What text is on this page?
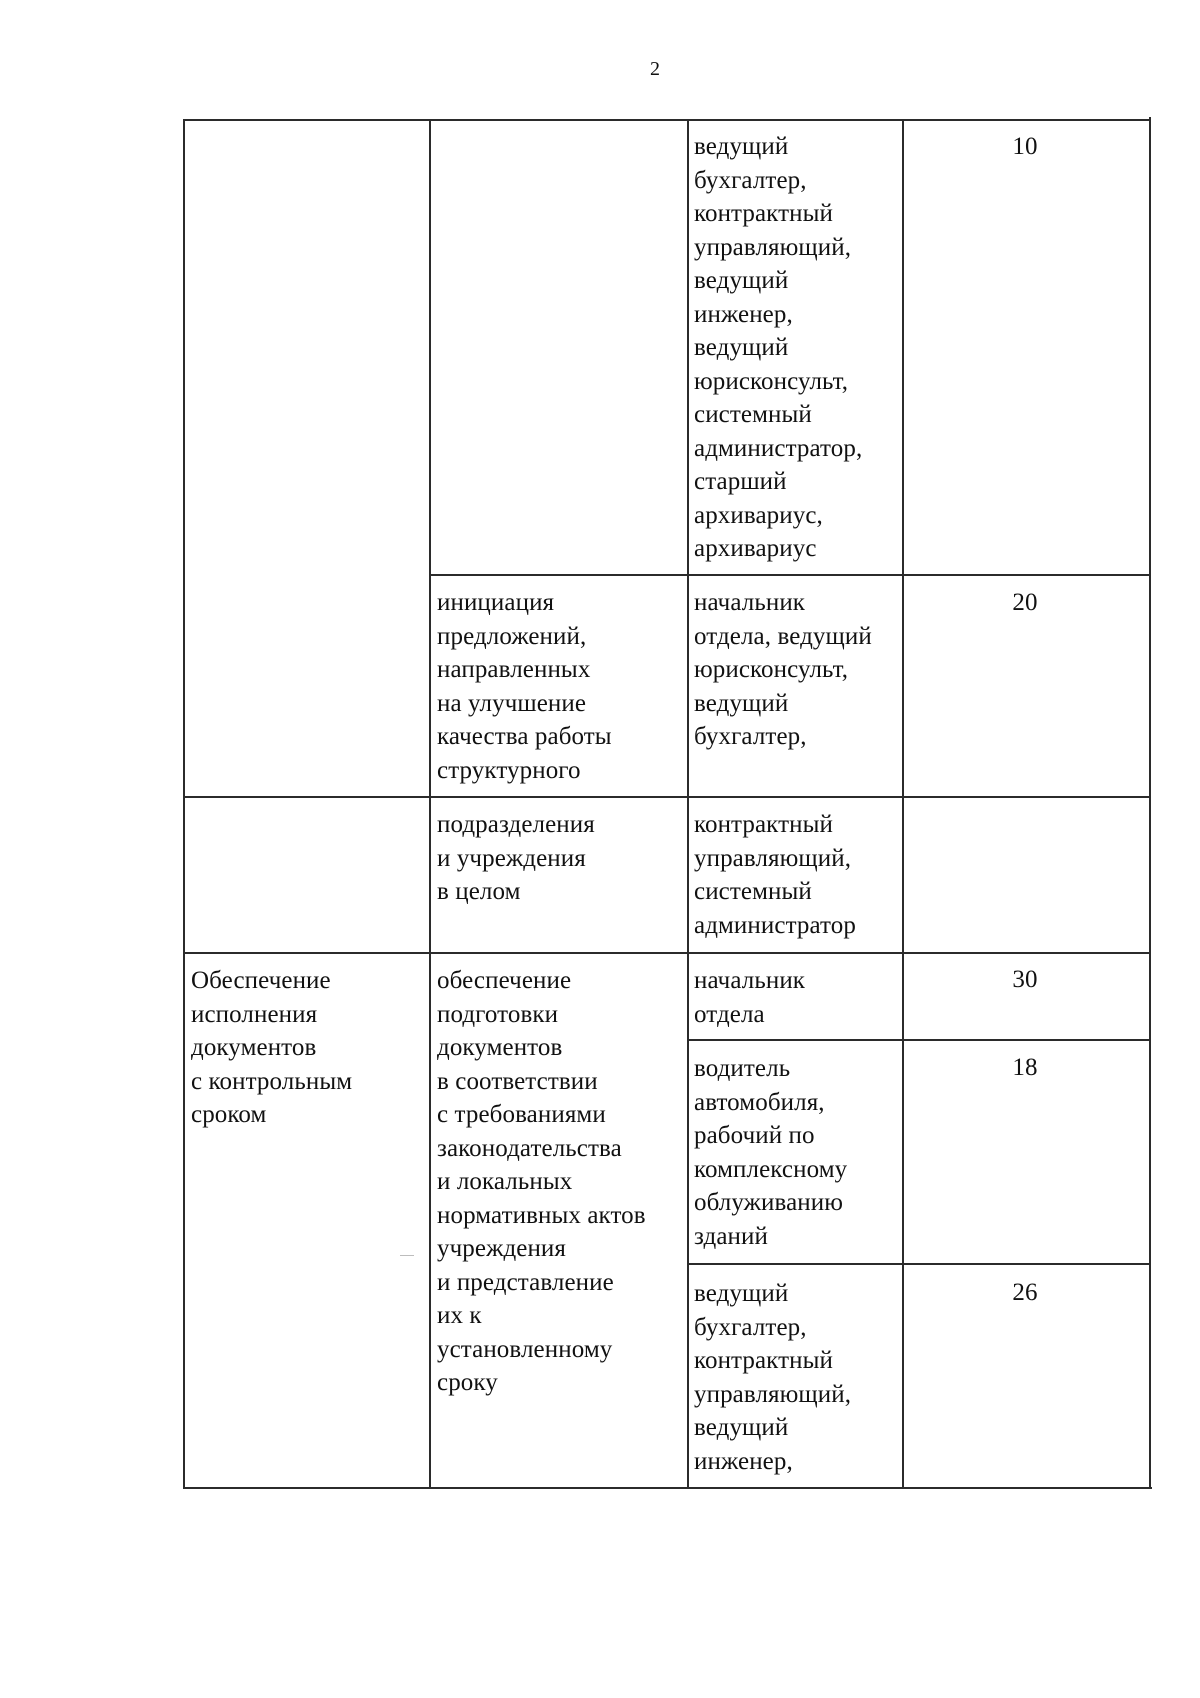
2
ведущий
бухгалтер,
контрактный
управляющий,
ведущий
инженер,
ведущий
юрисконсульт,
системный
администратор,
старший
архивариус,
архивариус
10
инициация
предложений,
направленных
на улучшение
качества работы
структурного
начальник
отдела, ведущий
юрисконсульт,
ведущий
бухгалтер,
20
подразделения
и учреждения
в целом
контрактный
управляющий,
системный
администратор
Обеспечение
исполнения
документов
с контрольным
сроком
обеспечение
подготовки
документов
в соответствии
с требованиями
законодательства
и локальных
нормативных актов
учреждения
и представление
их к
установленному
сроку
начальник
отдела
30
водитель
автомобиля,
рабочий по
комплексному
облуживанию
зданий
18
ведущий
бухгалтер,
контрактный
управляющий,
ведущий
инженер,
26
